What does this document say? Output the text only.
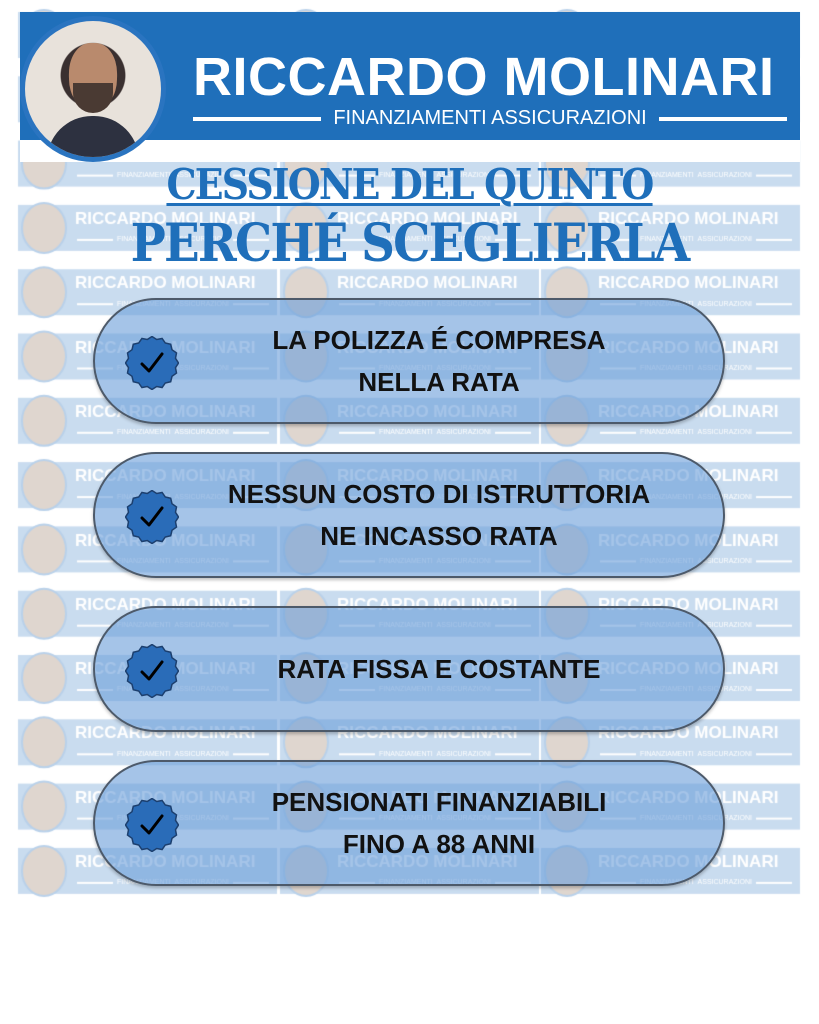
RICCARDO MOLINARI
FINANZIAMENTI ASSICURAZIONI
CESSIONE DEL QUINTO
PERCHÉ SCEGLIERLA
LA POLIZZA É COMPRESA
NELLA RATA
NESSUN COSTO DI ISTRUTTORIA
NE INCASSO RATA
RATA FISSA E COSTANTE
PENSIONATI FINANZIABILI
FINO A 88 ANNI
